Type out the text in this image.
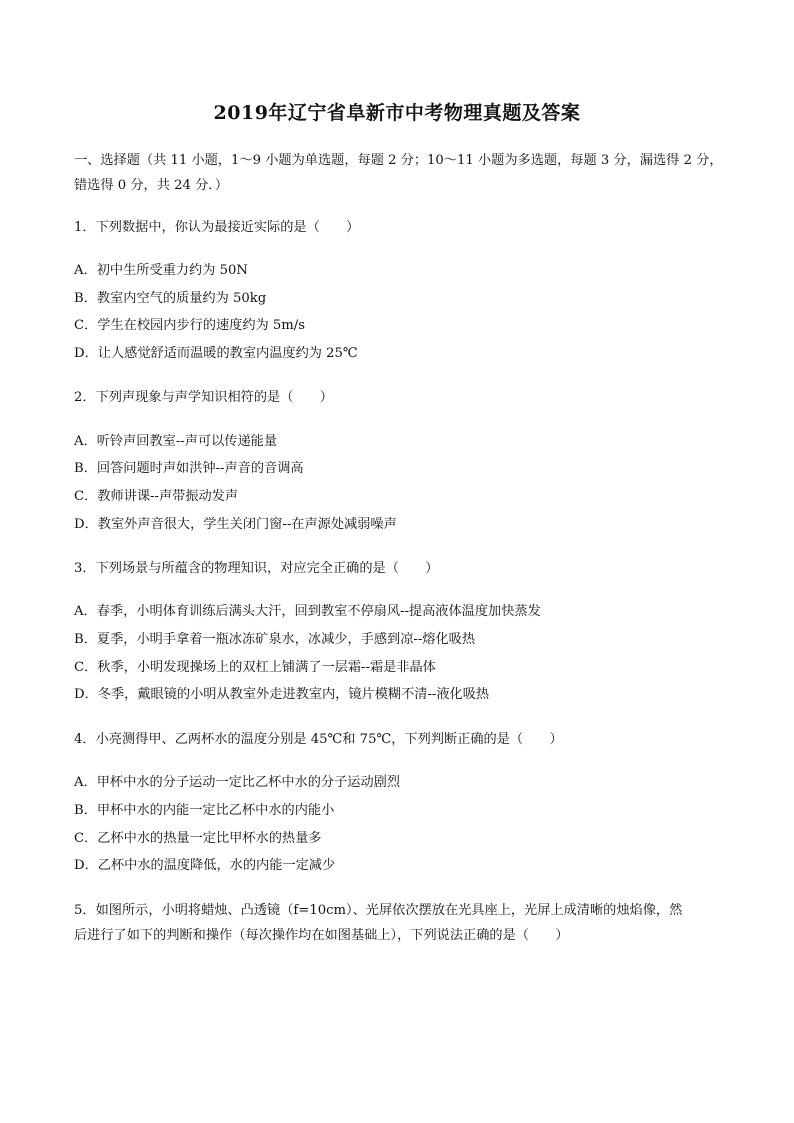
2019年辽宁省阜新市中考物理真题及答案
一、选择题（共 11 小题，1～9 小题为单选题，每题 2 分；10～11 小题为多选题，每题 3 分，漏选得 2 分，
错选得 0 分，共 24 分．）
1．下列数据中，你认为最接近实际的是（　　）
A．初中生所受重力约为 50N
B．教室内空气的质量约为 50kg
C．学生在校园内步行的速度约为 5m/s
D．让人感觉舒适而温暖的教室内温度约为 25℃
2．下列声现象与声学知识相符的是（　　）
A．听铃声回教室--声可以传递能量
B．回答问题时声如洪钟--声音的音调高
C．教师讲课--声带振动发声
D．教室外声音很大，学生关闭门窗--在声源处减弱噪声
3．下列场景与所蕴含的物理知识，对应完全正确的是（　　）
A．春季，小明体育训练后满头大汗，回到教室不停扇风--提高液体温度加快蒸发
B．夏季，小明手拿着一瓶冰冻矿泉水，冰减少，手感到凉--熔化吸热
C．秋季，小明发现操场上的双杠上铺满了一层霜--霜是非晶体
D．冬季，戴眼镜的小明从教室外走进教室内，镜片模糊不清--液化吸热
4．小亮测得甲、乙两杯水的温度分别是 45℃和 75℃，下列判断正确的是（　　）
A．甲杯中水的分子运动一定比乙杯中水的分子运动剧烈
B．甲杯中水的内能一定比乙杯中水的内能小
C．乙杯中水的热量一定比甲杯水的热量多
D．乙杯中水的温度降低，水的内能一定减少
5．如图所示，小明将蜡烛、凸透镜（f=10cm）、光屏依次摆放在光具座上，光屏上成清晰的烛焰像，然
后进行了如下的判断和操作（每次操作均在如图基础上），下列说法正确的是（　　）
